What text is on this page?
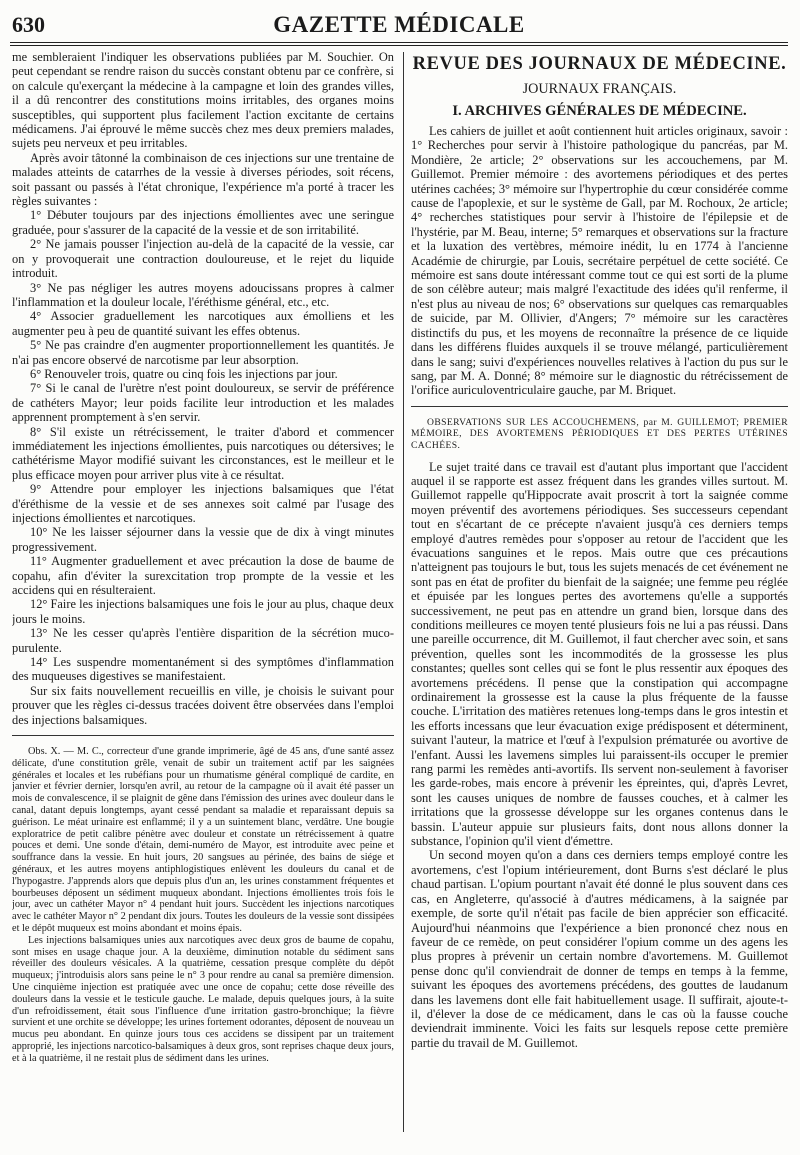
630	GAZETTE MÉDICALE

me sembleraient l'indiquer les observations publiées par M. Souchier. On peut cependant se rendre raison du succès constant obtenu par ce confrère, si on calcule qu'exerçant la médecine à la campagne et loin des grandes villes, il a dû rencontrer des constitutions moins irritables, des organes moins susceptibles, qui supportent plus facilement l'action excitante de certains médicamens. J'ai éprouvé le même succès chez mes deux premiers malades, sujets peu nerveux et peu irritables.

Après avoir tâtonné la combinaison de ces injections sur une trentaine de malades atteints de catarrhes de la vessie à diverses périodes, soit récens, soit passant ou passés à l'état chronique, l'expérience m'a porté à tracer les règles suivantes :

1° Débuter toujours par des injections émollientes avec une seringue graduée, pour s'assurer de la capacité de la vessie et de son irritabilité.

2° Ne jamais pousser l'injection au-delà de la capacité de la vessie, car on y provoquerait une contraction douloureuse, et le rejet du liquide introduit.

3° Ne pas négliger les autres moyens adoucissans propres à calmer l'inflammation et la douleur locale, l'éréthisme général, etc., etc.

4° Associer graduellement les narcotiques aux émolliens et les augmenter peu à peu de quantité suivant les effes obtenus.

5° Ne pas craindre d'en augmenter proportionnellement les quantités. Je n'ai pas encore observé de narcotisme par leur absorption.

6° Renouveler trois, quatre ou cinq fois les injections par jour.

7° Si le canal de l'urètre n'est point douloureux, se servir de préférence de cathéters Mayor; leur poids facilite leur introduction et les malades apprennent promptement à s'en servir.

8° S'il existe un rétrécissement, le traiter d'abord et commencer immédiatement les injections émollientes, puis narcotiques ou détersives; le cathétérisme Mayor modifié suivant les circonstances, est le meilleur et le plus efficace moyen pour arriver plus vite à ce résultat.

9° Attendre pour employer les injections balsamiques que l'état d'éréthisme de la vessie et de ses annexes soit calmé par l'usage des injections émollientes et narcotiques.

10° Ne les laisser séjourner dans la vessie que de dix à vingt minutes progressivement.

11° Augmenter graduellement et avec précaution la dose de baume de copahu, afin d'éviter la surexcitation trop prompte de la vessie et les accidens qui en résulteraient.

12° Faire les injections balsamiques une fois le jour au plus, chaque deux jours le moins.

13° Ne les cesser qu'après l'entière disparition de la sécrétion muco-purulente.

14° Les suspendre momentanément si des symptômes d'inflammation des muqueuses digestives se manifestaient.

Sur six faits nouvellement recueillis en ville, je choisis le suivant pour prouver que les règles ci-dessus tracées doivent être observées dans l'emploi des injections balsamiques.

Obs. X. — M. C., correcteur d'une grande imprimerie, âgé de 45 ans, d'une santé assez délicate, d'une constitution grêle, venait de subir un traitement actif par les saignées générales et locales et les rubéfians pour un rhumatisme général compliqué de cardite, en janvier et février dernier, lorsqu'en avril, au retour de la campagne où il avait été passer un mois de convalescence, il se plaignit de gêne dans l'émission des urines avec douleur dans le canal, datant depuis longtemps, ayant cessé pendant sa maladie et reparaissant depuis sa guérison. Le méat urinaire est enflammé; il y a un suintement blanc, verdâtre. Une bougie exploratrice de petit calibre pénètre avec douleur et constate un rétrécissement à quatre pouces et demi. Une sonde d'étain, demi-numéro de Mayor, est introduite avec peine et souffrance dans la vessie. En huit jours, 20 sangsues au périnée, des bains de siége et généraux, et les autres moyens antiphlogistiques enlèvent les douleurs du canal et de l'hypogastre. J'apprends alors que depuis plus d'un an, les urines constamment fréquentes et bourbeuses déposent un sédiment muqueux abondant. Injections émollientes trois fois le jour, avec un cathéter Mayor n° 4 pendant huit jours. Succèdent les injections narcotiques avec le cathéter Mayor n° 2 pendant dix jours. Toutes les douleurs de la vessie sont dissipées et le dépôt muqueux est moins abondant et moins épais.

Les injections balsamiques unies aux narcotiques avec deux gros de baume de copahu, sont mises en usage chaque jour. A la deuxième, diminution notable du sédiment sans réveiller des douleurs vésicales. A la quatrième, cessation presque complète du dépôt muqueux; j'introduisis alors sans peine le n° 3 pour rendre au canal sa première dimension. Une cinquième injection est pratiquée avec une once de copahu; cette dose réveille des douleurs dans la vessie et le testicule gauche. Le malade, depuis quelques jours, à la suite d'un refroidissement, était sous l'influence d'une irritation gastro-bronchique; la fièvre survient et une orchite se développe; les urines fortement odorantes, déposent de nouveau un mucus peu abondant. En quinze jours tous ces accidens se dissipent par un traitement approprié, les injections narcotico-balsamiques à deux gros, sont reprises chaque deux jours, et à la quatrième, il ne restait plus de sédiment dans les urines.

REVUE DES JOURNAUX DE MÉDECINE.
JOURNAUX FRANÇAIS.
I. ARCHIVES GÉNÉRALES DE MÉDECINE.

Les cahiers de juillet et août contiennent huit articles originaux, savoir : 1° Recherches pour servir à l'histoire pathologique du pancréas, par M. Mondière, 2e article; 2° observations sur les accouchemens, par M. Guillemot. Premier mémoire : des avortemens périodiques et des pertes utérines cachées; 3° mémoire sur l'hypertrophie du cœur considérée comme cause de l'apoplexie, et sur le système de Gall, par M. Rochoux, 2e article; 4° recherches statistiques pour servir à l'histoire de l'épilepsie et de l'hystérie, par M. Beau, interne; 5° remarques et observations sur la fracture et la luxation des vertèbres, mémoire inédit, lu en 1774 à l'ancienne Académie de chirurgie, par Louis, secrétaire perpétuel de cette société. Ce mémoire est sans doute intéressant comme tout ce qui est sorti de la plume de son célèbre auteur; mais malgré l'exactitude des idées qu'il renferme, il n'est plus au niveau de nos; 6° observations sur quelques cas remarquables de suicide, par M. Ollivier, d'Angers; 7° mémoire sur les caractères distinctifs du pus, et les moyens de reconnaître la présence de ce liquide dans les différens fluides auxquels il se trouve mélangé, particulièrement dans le sang; suivi d'expériences nouvelles relatives à l'action du pus sur le sang, par M. A. Donné; 8° mémoire sur le diagnostic du rétrécissement de l'orifice auriculoventriculaire gauche, par M. Briquet.

OBSERVATIONS SUR LES ACCOUCHEMENS, par M. GUILLEMOT; PREMIER MÉMOIRE, DES AVORTEMENS PÉRIODIQUES ET DES PERTES UTÉRINES CACHÉES.

Le sujet traité dans ce travail est d'autant plus important que l'accident auquel il se rapporte est assez fréquent dans les grandes villes surtout. M. Guillemot rappelle qu'Hippocrate avait proscrit à tort la saignée comme moyen préventif des avortemens périodiques. Ses successeurs cependant tout en s'écartant de ce précepte n'avaient jusqu'à ces derniers temps employé d'autres remèdes pour s'opposer au retour de l'accident que les évacuations sanguines et le repos. Mais outre que ces précautions n'atteignent pas toujours le but, tous les sujets menacés de cet événement ne sont pas en état de profiter du bienfait de la saignée; une femme peu réglée et épuisée par les longues pertes des avortemens qu'elle a supportés successivement, ne peut pas en attendre un grand bien, lorsque dans des conditions meilleures ce moyen tenté plusieurs fois ne lui a pas réussi. Dans une pareille occurrence, dit M. Guillemot, il faut chercher avec soin, et sans prévention, quelles sont les incommodités de la grossesse les plus constantes; quelles sont celles qui se font le plus ressentir aux époques des avortemens précédens. Il pense que la constipation qui accompagne ordinairement la grossesse est la cause la plus fréquente de la fausse couche. L'irritation des matières retenues long-temps dans le gros intestin et les efforts incessans que leur évacuation exige prédisposent et déterminent, suivant l'auteur, la matrice et l'œuf à l'expulsion prématurée ou avortive de l'enfant. Aussi les lavemens simples lui paraissent-ils occuper le premier rang parmi les remèdes anti-avortifs. Ils servent non-seulement à favoriser les garde-robes, mais encore à prévenir les épreintes, qui, d'après Levret, sont les causes uniques de nombre de fausses couches, et à calmer les irritations que la grossesse développe sur les organes contenus dans le bassin. L'auteur appuie sur plusieurs faits, dont nous allons donner la substance, l'opinion qu'il vient d'émettre.

Un second moyen qu'on a dans ces derniers temps employé contre les avortemens, c'est l'opium intérieurement, dont Burns s'est déclaré le plus chaud partisan. L'opium pourtant n'avait été donné le plus souvent dans ces cas, en Angleterre, qu'associé à d'autres médicamens, à la saignée par exemple, de sorte qu'il n'était pas facile de bien apprécier son efficacité. Aujourd'hui néanmoins que l'expérience a bien prononcé chez nous en faveur de ce remède, on peut considérer l'opium comme un des agens les plus propres à prévenir un certain nombre d'avortemens. M. Guillemot pense donc qu'il conviendrait de donner de temps en temps à la femme, suivant les époques des avortemens précédens, des gouttes de laudanum dans les lavemens dont elle fait habituellement usage. Il suffirait, ajoute-t-il, d'élever la dose de ce médicament, dans le cas où la fausse couche deviendrait imminente. Voici les faits sur lesquels repose cette première partie du travail de M. Guillemot.
